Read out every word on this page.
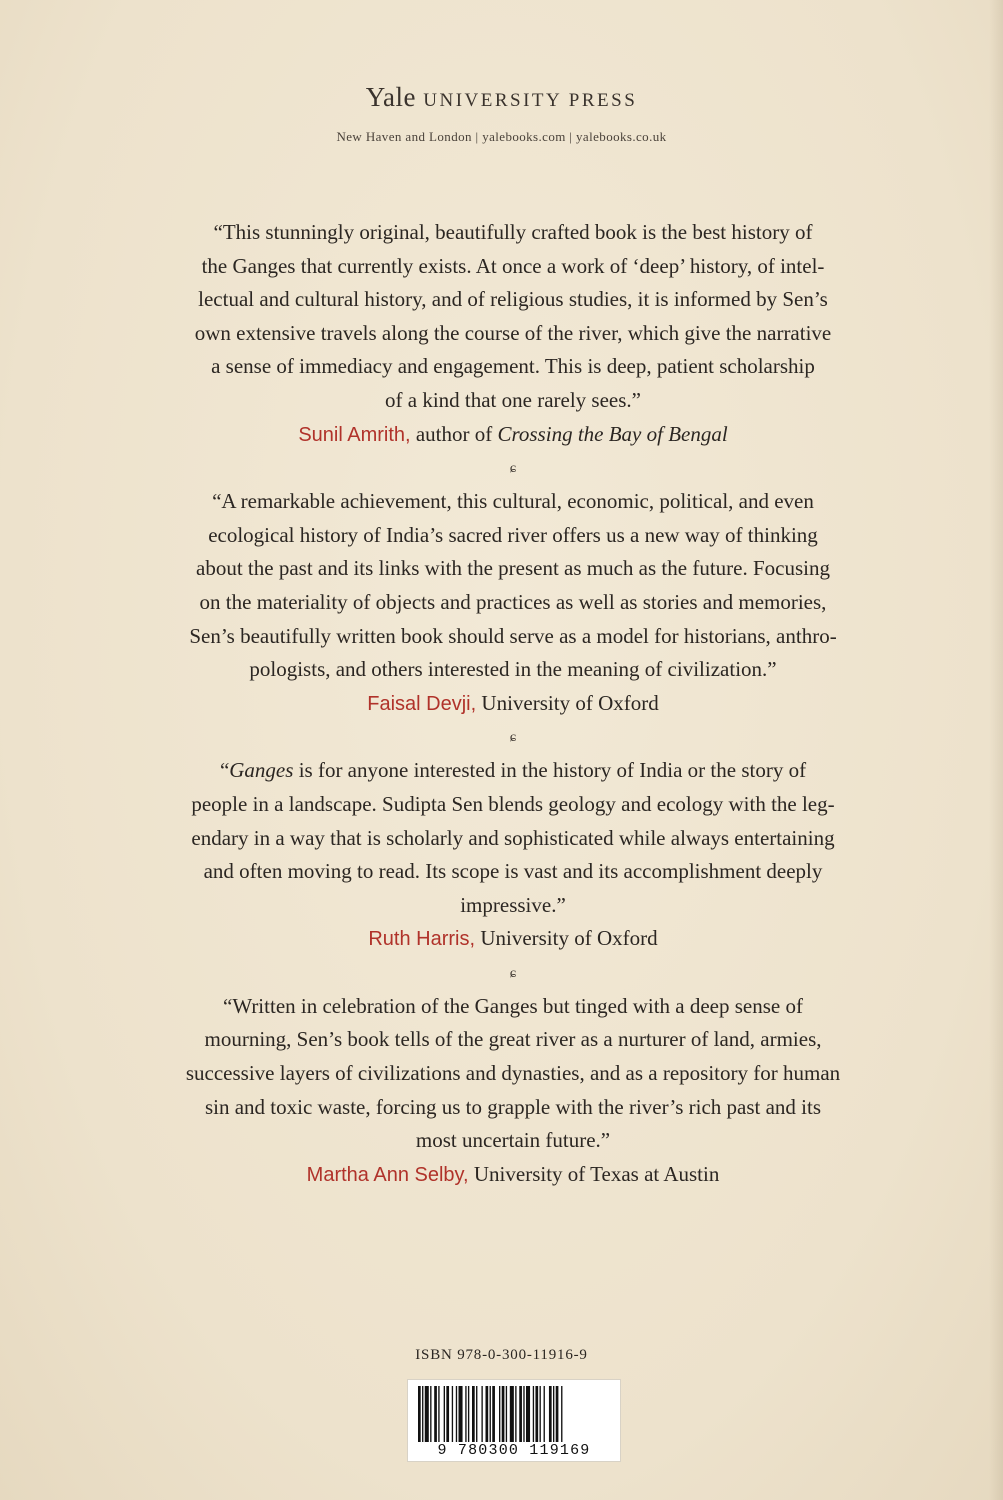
Yale UNIVERSITY PRESS
New Haven and London | yalebooks.com | yalebooks.co.uk

“This stunningly original, beautifully crafted book is the best history of

the Ganges that currently exists. At once a work of ‘deep’ history, of intel-

lectual and cultural history, and of religious studies, it is informed by Sen’s

own extensive travels along the course of the river, which give the narrative

a sense of immediacy and engagement. This is deep, patient scholarship

of a kind that one rarely sees.”

Sunil Amrith, author of Crossing the Bay of Bengal

ɕ

“A remarkable achievement, this cultural, economic, political, and even

ecological history of India’s sacred river offers us a new way of thinking

about the past and its links with the present as much as the future. Focusing

on the materiality of objects and practices as well as stories and memories,

Sen’s beautifully written book should serve as a model for historians, anthro-

pologists, and others interested in the meaning of civilization.”

Faisal Devji, University of Oxford

ɕ

“Ganges is for anyone interested in the history of India or the story of

people in a landscape. Sudipta Sen blends geology and ecology with the leg-

endary in a way that is scholarly and sophisticated while always entertaining

and often moving to read. Its scope is vast and its accomplishment deeply

impressive.”

Ruth Harris, University of Oxford

ɕ

“Written in celebration of the Ganges but tinged with a deep sense of

mourning, Sen’s book tells of the great river as a nurturer of land, armies,

successive layers of civilizations and dynasties, and as a repository for human

sin and toxic waste, forcing us to grapple with the river’s rich past and its

most uncertain future.”

Martha Ann Selby, University of Texas at Austin

ISBN 978-0-300-11916-9
9 780300 119169
